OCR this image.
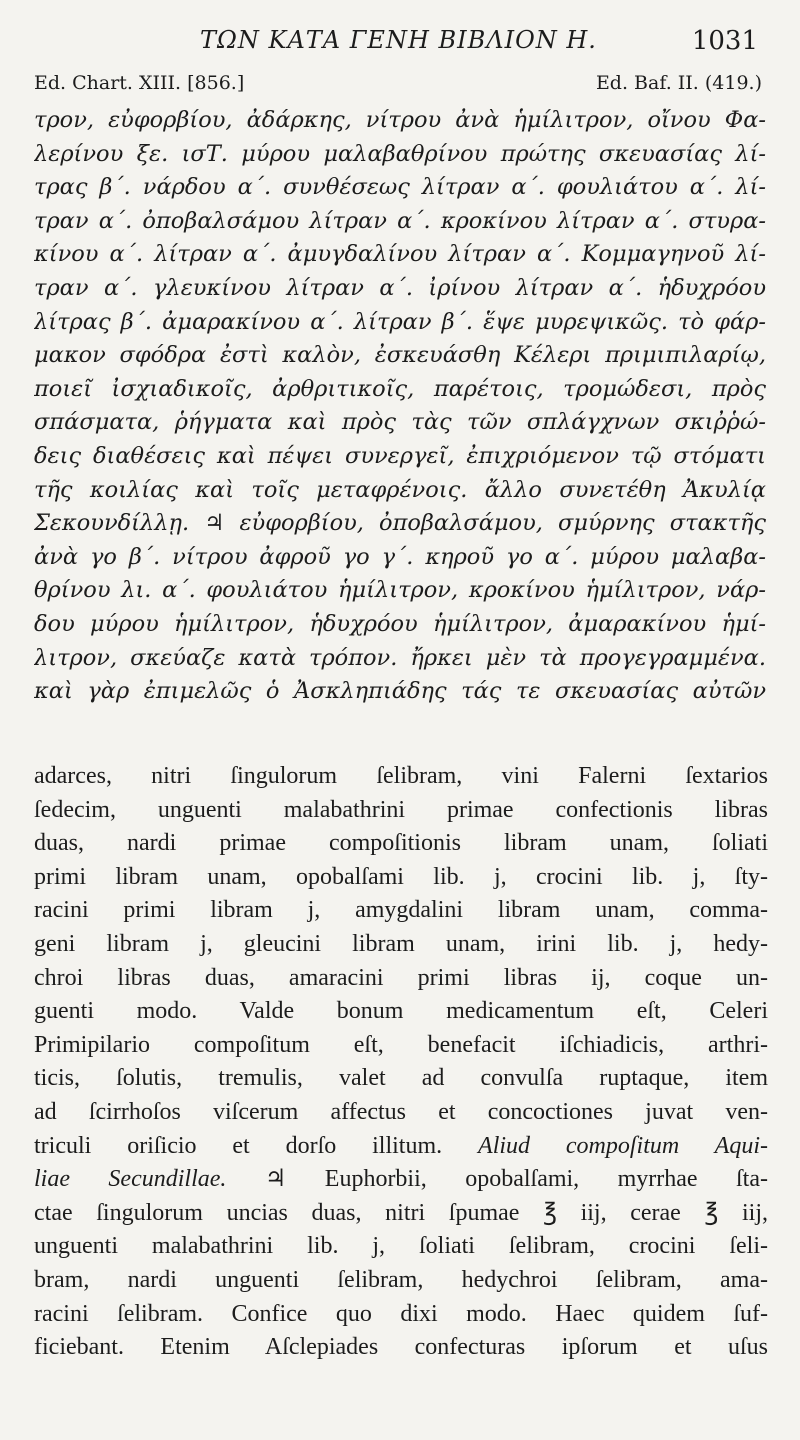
ΤΩΝ ΚΑΤΑ ΓΕΝΗ ΒΙΒΛΙΟΝ Η.	1031
Ed. Chart. XIII. [856.]	Ed. Baf. II. (419.)
τρον, εὐφορβίου, ἀδάρκης, νίτρου ἀνὰ ἡμίλιτρον, οἴνου Φα-
λερίνου ξε. ισΤ. μύρου μαλαβαθρίνου πρώτης σκευασίας λί-
τρας β΄. νάρδου α΄. συνθέσεως λίτραν α΄. φουλιάτου α΄. λί-
τραν α΄. ὀποβαλσάμου λίτραν α΄. κροκίνου λίτραν α΄. στυρα-
κίνου α΄. λίτραν α΄. ἀμυγδαλίνου λίτραν α΄. Κομμαγηνοῦ λί-
τραν α΄. γλευκίνου λίτραν α΄. ἰρίνου λίτραν α΄. ἡδυχρόου
λίτρας β΄. ἀμαρακίνου α΄. λίτραν β΄. ἕψε μυρεψικῶς. τὸ φάρ-
μακον σφόδρα ἐστὶ καλὸν, ἐσκευάσθη Κέλερι πριμιπιλαρίῳ,
ποιεῖ ἰσχιαδικοῖς, ἀρθριτικοῖς, παρέτοις, τρομώδεσι, πρὸς
σπάσματα, ῥήγματα καὶ πρὸς τὰς τῶν σπλάγχνων σκιῤῥώ-
δεις διαθέσεις καὶ πέψει συνεργεῖ, ἐπιχριόμενον τῷ στόματι
τῆς κοιλίας καὶ τοῖς μεταφρένοις. ἄλλο συνετέθη Ἀκυλίᾳ
Σεκουνδίλλῃ. ♃ εὐφορβίου, ὀποβαλσάμου, σμύρνης στακτῆς
ἀνὰ γο β΄. νίτρου ἀφροῦ γο γ΄. κηροῦ γο α΄. μύρου μαλαβα-
θρίνου λι. α΄. φουλιάτου ἡμίλιτρον, κροκίνου ἡμίλιτρον, νάρ-
δου μύρου ἡμίλιτρον, ἡδυχρόου ἡμίλιτρον, ἀμαρακίνου ἡμί-
λιτρον, σκεύαζε κατὰ τρόπον. ἤρκει μὲν τὰ προγεγραμμένα.
καὶ γὰρ ἐπιμελῶς ὁ Ἀσκληπιάδης τάς τε σκευασίας αὐτῶν
adarces, nitri ſingulorum ſelibram, vini Falerni ſextarios
ſedecim, unguenti malabathrini primae confectionis libras
duas, nardi primae compoſitionis libram unam, ſoliati
primi libram unam, opobalſami lib. j, crocini lib. j, ſty-
racini primi libram j, amygdalini libram unam, comma-
geni libram j, gleucini libram unam, irini lib. j, hedy-
chroi libras duas, amaracini primi libras ij, coque un-
guenti modo. Valde bonum medicamentum eſt, Celeri
Primipilario compoſitum eſt, benefacit iſchiadicis, arthri-
ticis, ſolutis, tremulis, valet ad convulſa ruptaque, item
ad ſcirrhoſos viſcerum affectus et concoctiones juvat ven-
triculi oriſicio et dorſo illitum. Aliud compoſitum Aqui-
liae Secundillae. ♃ Euphorbii, opobalſami, myrrhae ſta-
ctae ſingulorum uncias duas, nitri ſpumae ℥ iij, cerae ℥ iij,
unguenti malabathrini lib. j, ſoliati ſelibram, crocini ſeli-
bram, nardi unguenti ſelibram, hedychroi ſelibram, ama-
racini ſelibram. Confice quo dixi modo. Haec quidem ſuf-
ficiebant. Etenim Aſclepiades confecturas ipſorum et uſus
